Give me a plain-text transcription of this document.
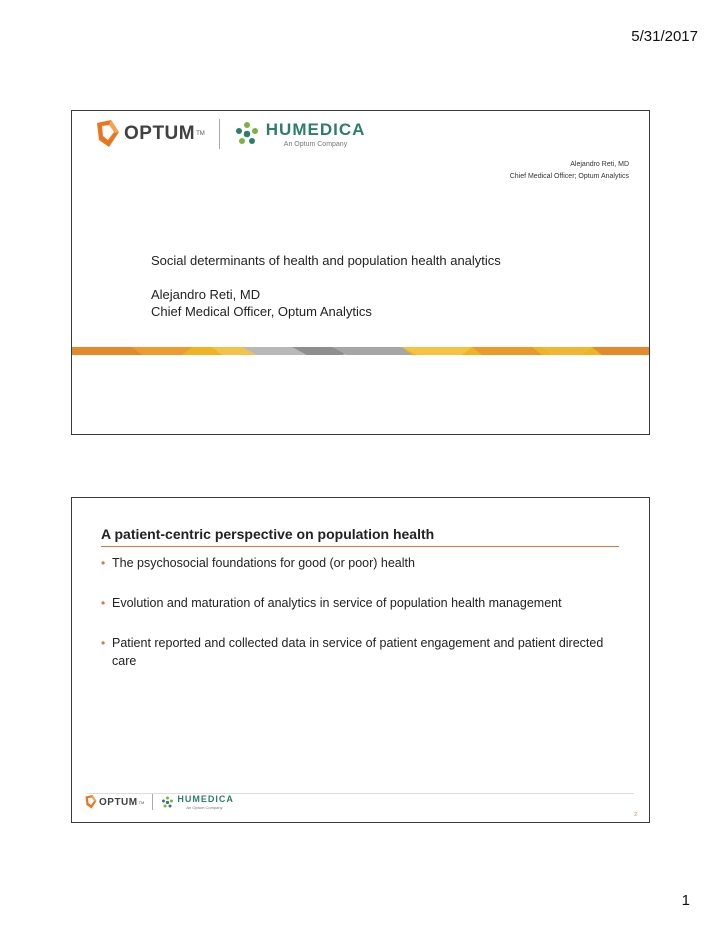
5/31/2017
OPTUM TM	HUMEDICA
An Optum Company
Alejandro Reti, MD
Chief Medical Officer; Optum Analytics
Social determinants of health and population health analytics
Alejandro Reti, MD
Chief Medical Officer, Optum Analytics
A patient-centric perspective on population health
• The psychosocial foundations for good (or poor) health
• Evolution and maturation of analytics in service of population health management
• Patient reported and collected data in service of patient engagement and patient directed care
OPTUM TM	HUMEDICA
An Optum Company
2
1
